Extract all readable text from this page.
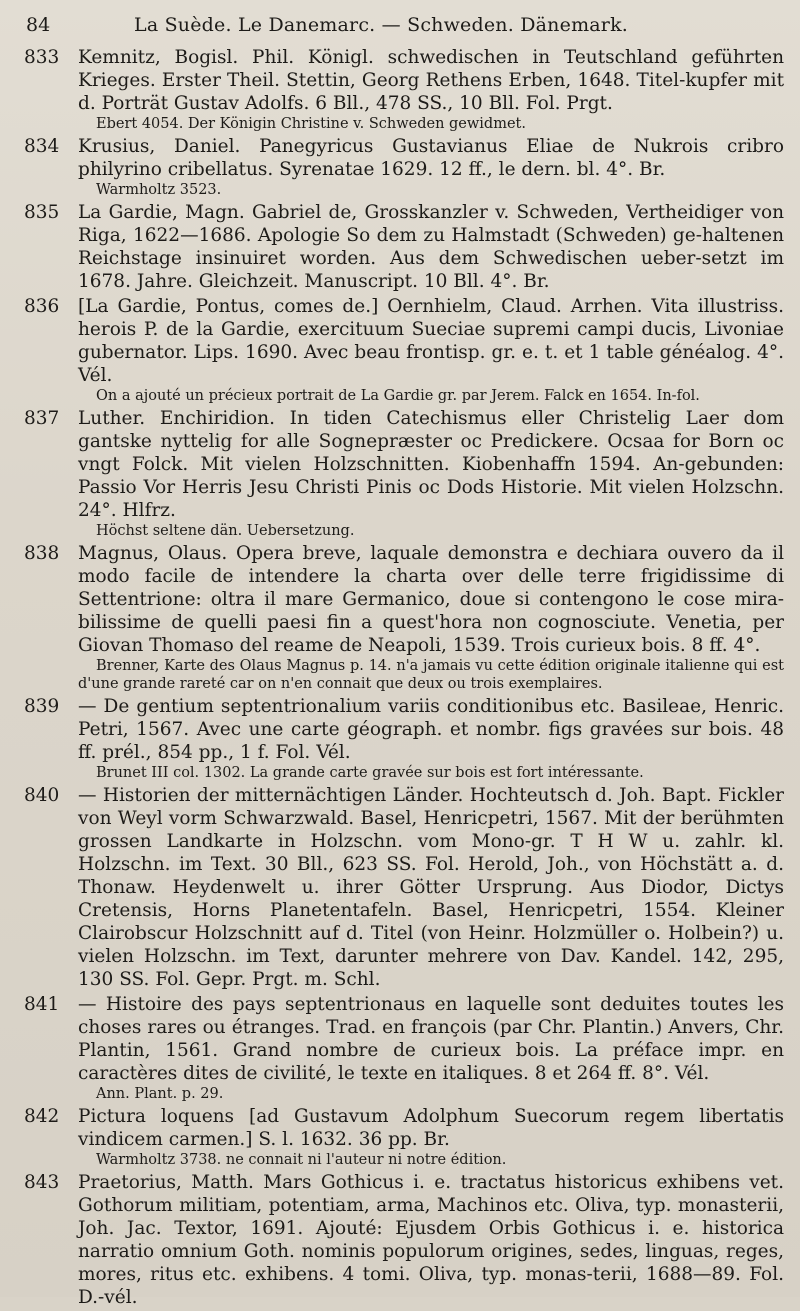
84	La Suède. Le Danemarc. — Schweden. Dänemark.
833 Kemnitz, Bogisl. Phil. Königl. schwedischen in Teutschland geführten Krieges. Erster Theil. Stettin, Georg Rethens Erben, 1648. Titel-kupfer mit d. Porträt Gustav Adolfs. 6 Bll., 478 SS., 10 Bll. Fol. Prgt.
Ebert 4054. Der Königin Christine v. Schweden gewidmet.
834 Krusius, Daniel. Panegyricus Gustavianus Eliae de Nukrois cribro philyrino cribellatus. Syrenatae 1629. 12 ff., le dern. bl. 4°. Br.
Warmholtz 3523.
835 La Gardie, Magn. Gabriel de, Grosskanzler v. Schweden, Vertheidiger von Riga, 1622—1686. Apologie So dem zu Halmstadt (Schweden) ge-haltenen Reichstage insinuiret worden. Aus dem Schwedischen ueber-setzt im 1678. Jahre. Gleichzeit. Manuscript. 10 Bll. 4°. Br.
836 [La Gardie, Pontus, comes de.] Oernhielm, Claud. Arrhen. Vita illustriss. herois P. de la Gardie, exercituum Sueciae supremi campi ducis, Livoniae gubernator. Lips. 1690. Avec beau frontisp. gr. e. t. et 1 table généalog. 4°. Vél.
On a ajouté un précieux portrait de La Gardie gr. par Jerem. Falck en 1654. In-fol.
837 Luther. Enchiridion. In tiden Catechismus eller Christelig Laer dom gantske nyttelig for alle Sognepræster oc Predickere. Ocsaa for Born oc vngt Folck. Mit vielen Holzschnitten. Kiobenhaffn 1594. An-gebunden: Passio Vor Herris Jesu Christi Pinis oc Dods Historie. Mit vielen Holzschn. 24°. Hlfrz.
Höchst seltene dän. Uebersetzung.
838 Magnus, Olaus. Opera breve, laquale demonstra e dechiara ouvero da il modo facile de intendere la charta over delle terre frigidissime di Settentrione: oltra il mare Germanico, doue si contengono le cose mira-bilissime de quelli paesi fin a quest'hora non cognosciute. Venetia, per Giovan Thomaso del reame de Neapoli, 1539. Trois curieux bois. 8 ff. 4°.
Brenner, Karte des Olaus Magnus p. 14. n'a jamais vu cette édition originale italienne qui est d'une grande rareté car on n'en connait que deux ou trois exemplaires.
839 — De gentium septentrionalium variis conditionibus etc. Basileae, Henric. Petri, 1567. Avec une carte géograph. et nombr. figs gravées sur bois. 48 ff. prél., 854 pp., 1 f. Fol. Vél.
Brunet III col. 1302. La grande carte gravée sur bois est fort intéressante.
840 — Historien der mitternächtigen Länder. Hochteutsch d. Joh. Bapt. Fickler von Weyl vorm Schwarzwald. Basel, Henricpetri, 1567. Mit der berühmten grossen Landkarte in Holzschn. vom Mono-gr. T H W u. zahlr. kl. Holzschn. im Text. 30 Bll., 623 SS. Fol. Herold, Joh., von Höchstätt a. d. Thonaw. Heydenwelt u. ihrer Götter Ursprung. Aus Diodor, Dictys Cretensis, Horns Planetentafeln. Basel, Henricpetri, 1554. Kleiner Clairobscur Holzschnitt auf d. Titel (von Heinr. Holzmüller o. Holbein?) u. vielen Holzschn. im Text, darunter mehrere von Dav. Kandel. 142, 295, 130 SS. Fol. Gepr. Prgt. m. Schl.
841 — Histoire des pays septentrionaus en laquelle sont deduites toutes les choses rares ou étranges. Trad. en françois (par Chr. Plantin.) Anvers, Chr. Plantin, 1561. Grand nombre de curieux bois. La préface impr. en caractères dites de civilité, le texte en italiques. 8 et 264 ff. 8°. Vél.
Ann. Plant. p. 29.
842 Pictura loquens [ad Gustavum Adolphum Suecorum regem libertatis vindicem carmen.] S. l. 1632. 36 pp. Br.
Warmholtz 3738. ne connait ni l'auteur ni notre édition.
843 Praetorius, Matth. Mars Gothicus i. e. tractatus historicus exhibens vet. Gothorum militiam, potentiam, arma, Machinos etc. Oliva, typ. monasterii, Joh. Jac. Textor, 1691. Ajouté: Ejusdem Orbis Gothicus i. e. historica narratio omnium Goth. nominis populorum origines, sedes, linguas, reges, mores, ritus etc. exhibens. 4 tomi. Oliva, typ. monas-terii, 1688—89. Fol. D.-vél.
